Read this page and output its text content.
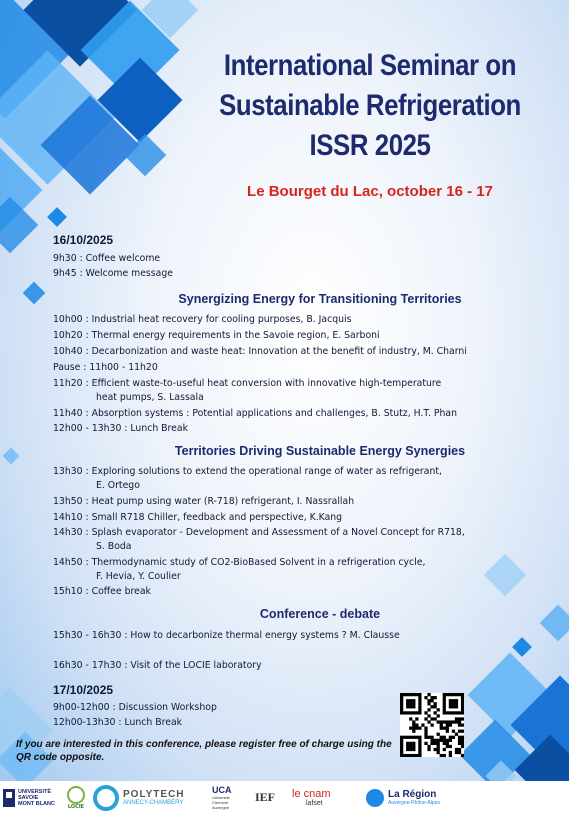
International Seminar on
Sustainable Refrigeration
ISSR 2025
Le Bourget du Lac, october 16 - 17
16/10/2025
9h30 : Coffee welcome
9h45 : Welcome message
Synergizing Energy for Transitioning Territories
10h00 : Industrial heat recovery for cooling purposes, B. Jacquis
10h20 : Thermal energy requirements in the Savoie region, E. Sarboni
10h40 : Decarbonization and waste heat: Innovation at the benefit of industry, M. Charni
Pause : 11h00 - 11h20
11h20 : Efficient waste-to-useful heat conversion with innovative high-temperature
heat pumps, S. Lassala
11h40 : Absorption systems : Potential applications and challenges, B. Stutz, H.T. Phan
12h00 - 13h30 : Lunch Break
Territories Driving Sustainable Energy Synergies
13h30 : Exploring solutions to extend the operational range of water as refrigerant,
E. Ortego
13h50 : Heat pump using water (R-718) refrigerant, I. Nassrallah
14h10 : Small R718 Chiller, feedback and perspective, K.Kang
14h30 : Splash evaporator - Development and Assessment of a Novel Concept for R718,
S. Boda
14h50 : Thermodynamic study of CO2-BioBased Solvent in a refrigeration cycle,
F. Hevia, Y. Coulier
15h10 : Coffee break
Conference - debate
15h30 - 16h30 : How to decarbonize thermal energy systems ? M. Clausse
16h30 - 17h30 : Visit of the LOCIE laboratory
17/10/2025
9h00-12h00 : Discussion Workshop
12h00-13h30 : Lunch Break
If you are interested in this conference, please register free of charge using the QR code opposite.
UNIVERSITÉ
SAVOIE
MONT BLANC	LOCIE
POLYTECH
ANNECY-CHAMBÉRY
UCA
Université
Clermont
Auvergne
IEF le cnam
lafset
La Région
Auvergne-Rhône-Alpes
